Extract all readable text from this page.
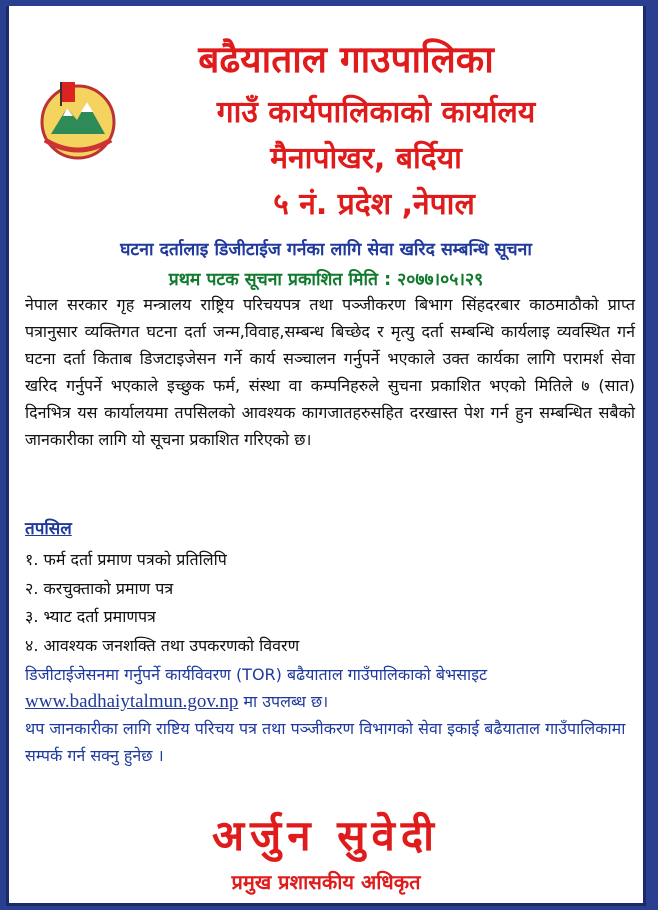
बढैयाताल गाउपालिका
गाउँ कार्यपालिकाको कार्यालय
मैनापोखर, बर्दिया
५ नं. प्रदेश ,नेपाल
घटना दर्तालाइ डिजीटाईज गर्नका लागि सेवा खरिद सम्बन्धि सूचना
प्रथम पटक सूचना प्रकाशित मिति : २०७७।०५।२९
नेपाल सरकार गृह मन्त्रालय राष्ट्रिय परिचयपत्र तथा पञ्जीकरण बिभाग सिंहदरबार काठमाठौको प्राप्त पत्रानुसार व्यक्तिगत घटना दर्ता जन्म,विवाह,सम्बन्ध बिच्छेद र मृत्यु दर्ता सम्बन्धि कार्यलाइ व्यवस्थित गर्न घटना दर्ता किताब डिजटाइजेसन गर्ने कार्य सञ्चालन गर्नुपर्ने भएकाले उक्त कार्यका लागि परामर्श सेवा खरिद गर्नुपर्ने भएकाले इच्छुक फर्म, संस्था वा कम्पनिहरुले सुचना प्रकाशित भएको मितिले ७ (सात) दिनभित्र यस कार्यालयमा तपसिलको आवश्यक कागजातहरुसहित दरखास्त पेश गर्न हुन सम्बन्धित सबैको जानकारीका लागि यो सूचना प्रकाशित गरिएको छ।
तपसिल
१. फर्म दर्ता प्रमाण पत्रको प्रतिलिपि
२. करचुक्ताको प्रमाण पत्र
३. भ्याट दर्ता प्रमाणपत्र
४. आवश्यक जनशक्ति तथा उपकरणको विवरण
डिजीटाईजेसनमा गर्नुपर्ने कार्यविवरण (TOR) बढैयाताल गाउँपालिकाको बेभसाइट www.badhaiytalmun.gov.np मा उपलब्ध छ।
थप जानकारीका लागि राष्टिय परिचय पत्र तथा पञ्जीकरण विभागको सेवा इकाई बढैयाताल गाउँपालिकामा सम्पर्क गर्न सक्नु हुनेछ ।
अर्जुन सुवेदी
प्रमुख प्रशासकीय अधिकृत
